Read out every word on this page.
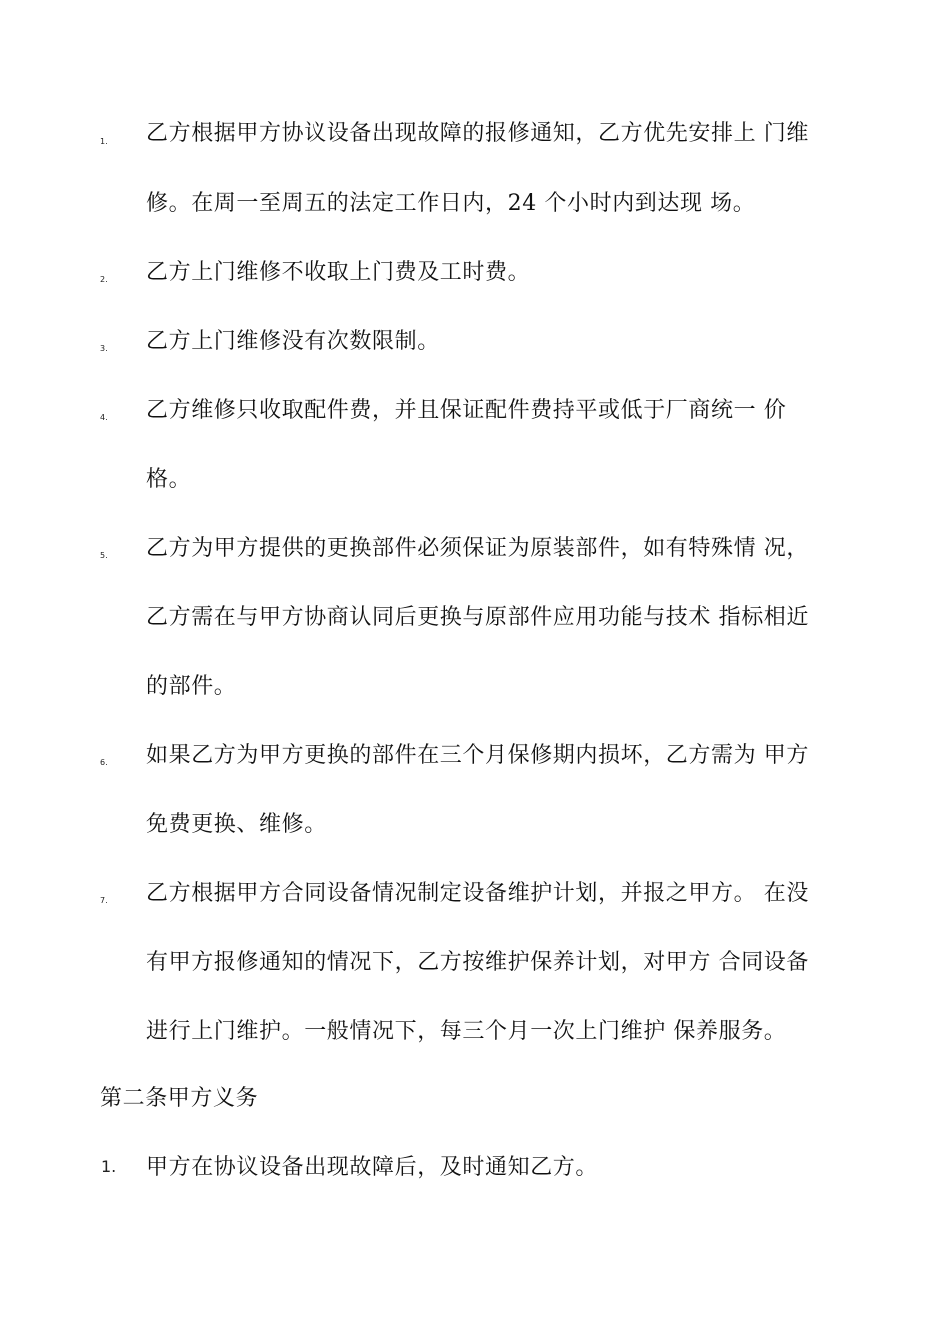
1. 乙方根据甲方协议设备出现故障的报修通知，乙方优先安排上 门维
修。在周一至周五的法定工作日内，24 个小时内到达现 场。
2. 乙方上门维修不收取上门费及工时费。
3. 乙方上门维修没有次数限制。
4. 乙方维修只收取配件费，并且保证配件费持平或低于厂商统一 价
格。
5. 乙方为甲方提供的更换部件必须保证为原装部件，如有特殊情 况，
乙方需在与甲方协商认同后更换与原部件应用功能与技术 指标相近
的部件。
6. 如果乙方为甲方更换的部件在三个月保修期内损坏，乙方需为 甲方
免费更换、维修。
7. 乙方根据甲方合同设备情况制定设备维护计划，并报之甲方。 在没
有甲方报修通知的情况下，乙方按维护保养计划，对甲方 合同设备
进行上门维护。一般情况下，每三个月一次上门维护 保养服务。
第二条甲方义务
1. 甲方在协议设备出现故障后，及时通知乙方。
